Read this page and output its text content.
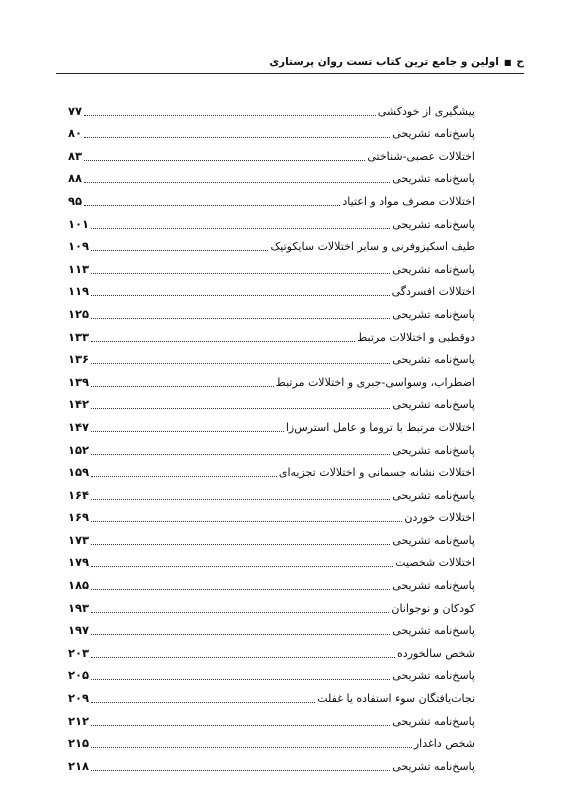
ح
■
اولین و جامع ترین کتاب تست روان پرستاری
پیشگیری از خودکشی
۷۷
پاسخ‌نامه تشریحی
۸۰
اختلالات عصبی-شناختی
۸۳
پاسخ‌نامه تشریحی
۸۸
اختلالات مصرف مواد و اعتیاد
۹۵
پاسخ‌نامه تشریحی
۱۰۱
طیف اسکیزوفرنی و سایر اختلالات سایکوتیک
۱۰۹
پاسخ‌نامه تشریحی
۱۱۳
اختلالات افسردگی
۱۱۹
پاسخ‌نامه تشریحی
۱۲۵
دوقطبی و اختلالات مرتبط
۱۳۳
پاسخ‌نامه تشریحی
۱۳۶
اضطراب، وسواسی-جبری و اختلالات مرتبط
۱۳۹
پاسخ‌نامه تشریحی
۱۴۲
اختلالات مرتبط با تروما و عامل استرس‌زا
۱۴۷
پاسخ‌نامه تشریحی
۱۵۲
اختلالات نشانه جسمانی و اختلالات تجزیه‌ای
۱۵۹
پاسخ‌نامه تشریحی
۱۶۴
اختلالات خوردن
۱۶۹
پاسخ‌نامه تشریحی
۱۷۳
اختلالات شخصیت
۱۷۹
پاسخ‌نامه تشریحی
۱۸۵
کودکان و نوجوانان
۱۹۳
پاسخ‌نامه تشریحی
۱۹۷
شخص سالخورده
۲۰۳
پاسخ‌نامه تشریحی
۲۰۵
نجات‌یافتگان سوء استفاده یا غفلت
۲۰۹
پاسخ‌نامه تشریحی
۲۱۲
شخص داغدار
۲۱۵
پاسخ‌نامه تشریحی
۲۱۸
